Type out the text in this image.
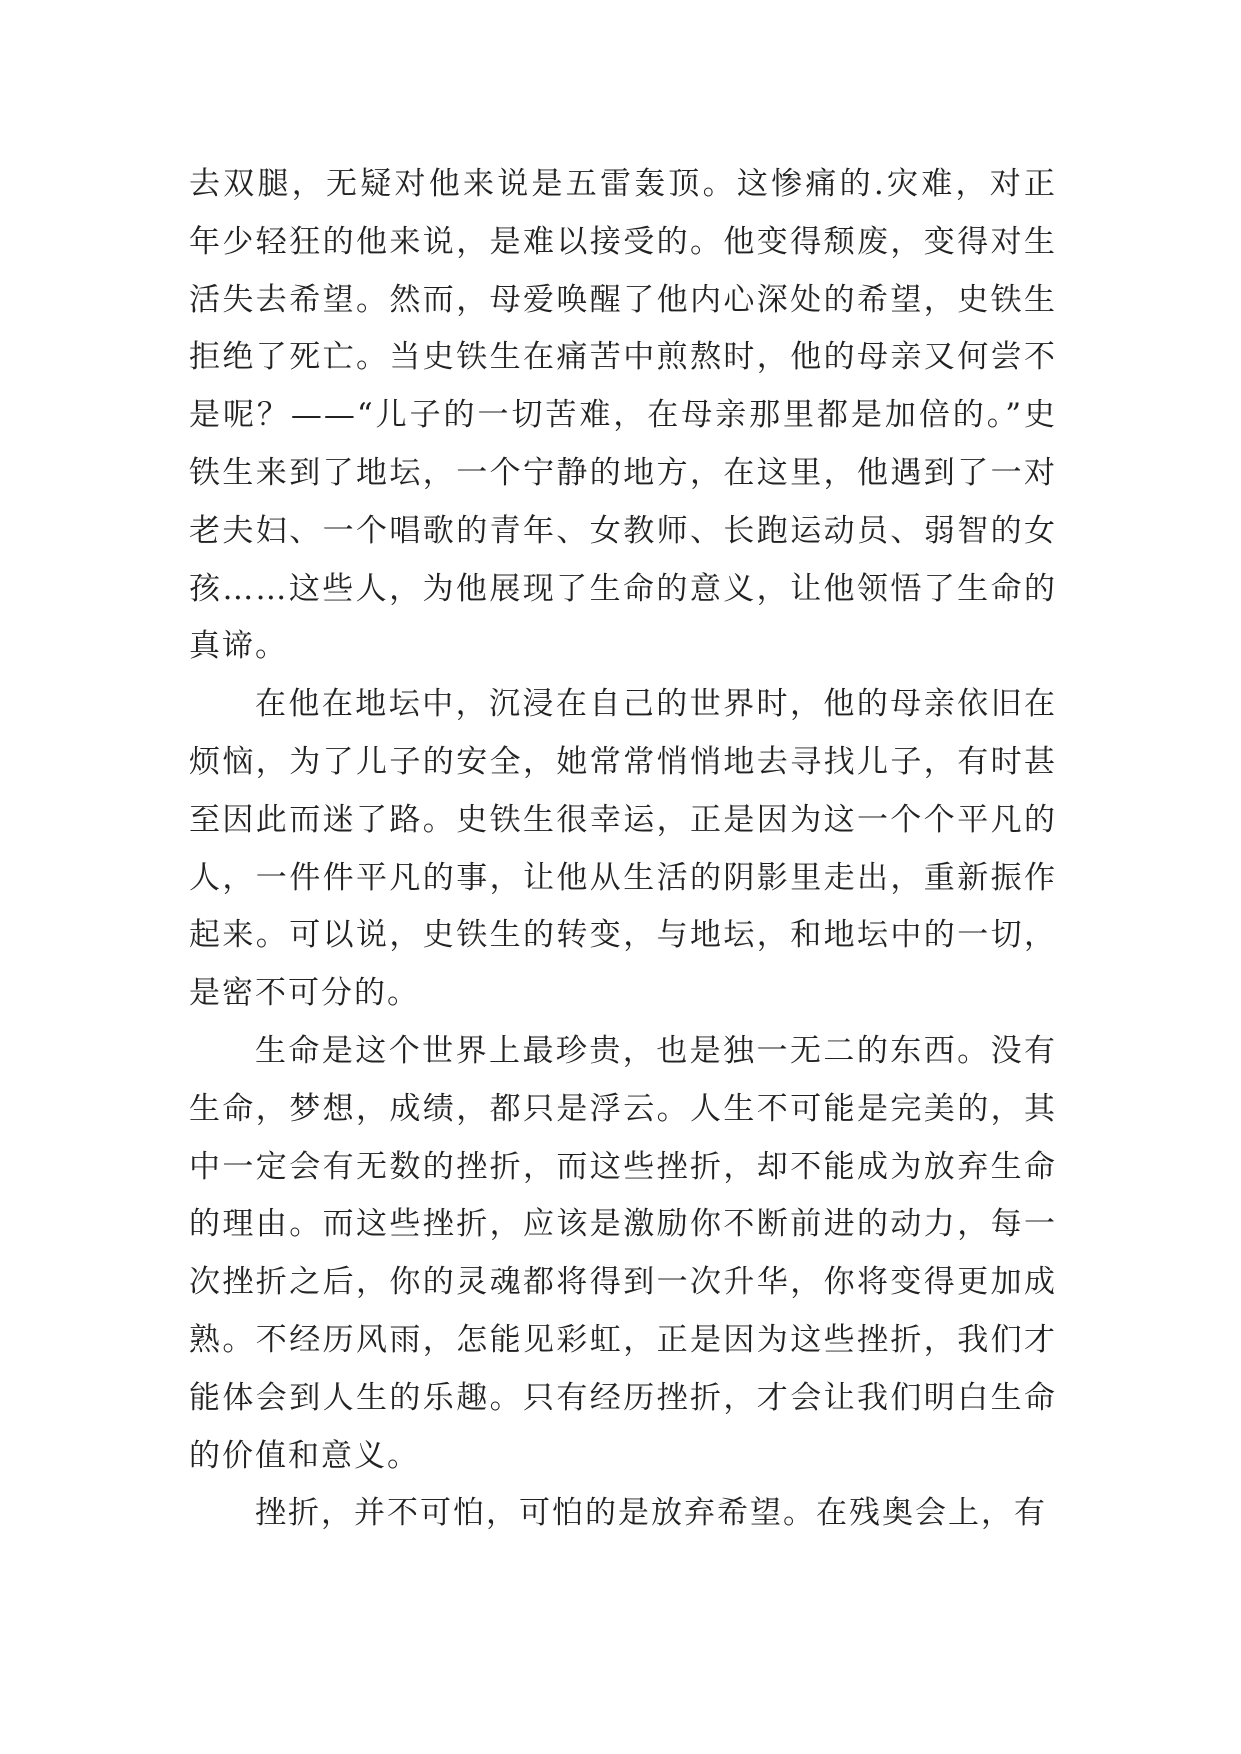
去双腿，无疑对他来说是五雷轰顶。这惨痛的.灾难，对正年少轻狂的他来说，是难以接受的。他变得颓废，变得对生活失去希望。然而，母爱唤醒了他内心深处的希望，史铁生拒绝了死亡。当史铁生在痛苦中煎熬时，他的母亲又何尝不是呢？——“儿子的一切苦难，在母亲那里都是加倍的。”史铁生来到了地坛，一个宁静的地方，在这里，他遇到了一对老夫妇、一个唱歌的青年、女教师、长跑运动员、弱智的女孩……这些人，为他展现了生命的意义，让他领悟了生命的真谛。

在他在地坛中，沉浸在自己的世界时，他的母亲依旧在烦恼，为了儿子的安全，她常常悄悄地去寻找儿子，有时甚至因此而迷了路。史铁生很幸运，正是因为这一个个平凡的人，一件件平凡的事，让他从生活的阴影里走出，重新振作起来。可以说，史铁生的转变，与地坛，和地坛中的一切，是密不可分的。

生命是这个世界上最珍贵，也是独一无二的东西。没有生命，梦想，成绩，都只是浮云。人生不可能是完美的，其中一定会有无数的挫折，而这些挫折，却不能成为放弃生命的理由。而这些挫折，应该是激励你不断前进的动力，每一次挫折之后，你的灵魂都将得到一次升华，你将变得更加成熟。不经历风雨，怎能见彩虹，正是因为这些挫折，我们才能体会到人生的乐趣。只有经历挫折，才会让我们明白生命的价值和意义。

挫折，并不可怕，可怕的是放弃希望。在残奥会上，有
